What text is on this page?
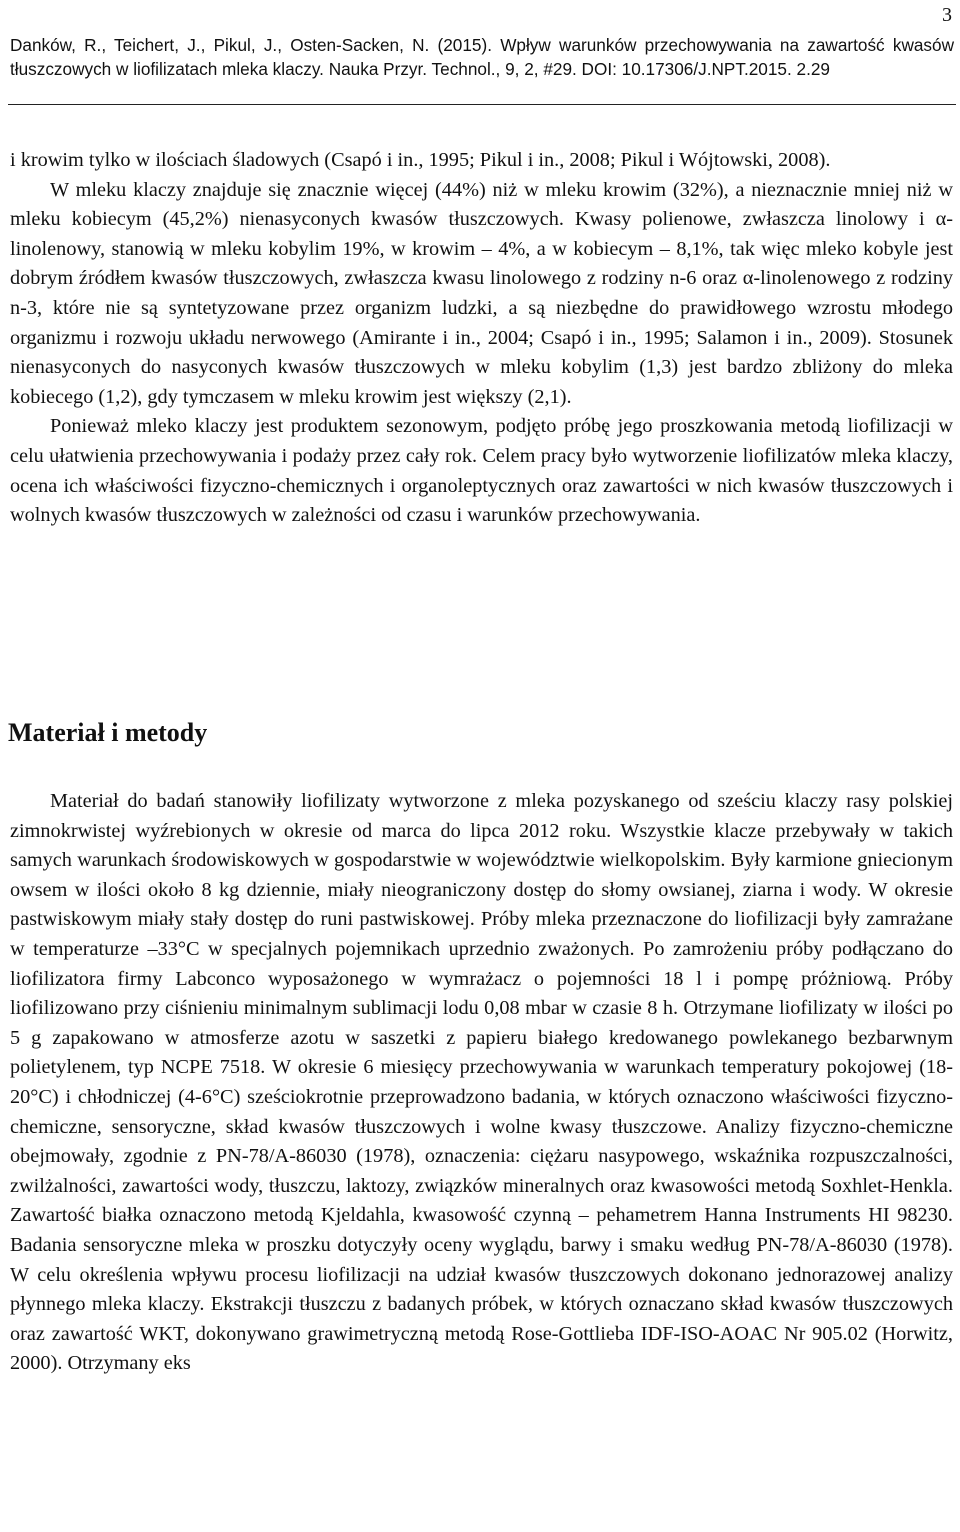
3
Danków, R., Teichert, J., Pikul, J., Osten-Sacken, N. (2015). Wpływ warunków przechowywania na zawartość kwasów tłuszczowych w liofilizatach mleka klaczy. Nauka Przyr. Technol., 9, 2, #29. DOI: 10.17306/J.NPT.2015. 2.29

i krowim tylko w ilościach śladowych (Csapó i in., 1995; Pikul i in., 2008; Pikul i Wójtowski, 2008).

W mleku klaczy znajduje się znacznie więcej (44%) niż w mleku krowim (32%), a nieznacznie mniej niż w mleku kobiecym (45,2%) nienasyconych kwasów tłuszczowych. Kwasy polienowe, zwłaszcza linolowy i α-linolenowy, stanowią w mleku kobylim 19%, w krowim – 4%, a w kobiecym – 8,1%, tak więc mleko kobyle jest dobrym źródłem kwasów tłuszczowych, zwłaszcza kwasu linolowego z rodziny n-6 oraz α-linolenowego z rodziny n-3, które nie są syntetyzowane przez organizm ludzki, a są niezbędne do prawidłowego wzrostu młodego organizmu i rozwoju układu nerwowego (Amirante i in., 2004; Csapó i in., 1995; Salamon i in., 2009). Stosunek nienasyconych do nasyconych kwasów tłuszczowych w mleku kobylim (1,3) jest bardzo zbliżony do mleka kobiecego (1,2), gdy tymczasem w mleku krowim jest większy (2,1).

Ponieważ mleko klaczy jest produktem sezonowym, podjęto próbę jego proszkowania metodą liofilizacji w celu ułatwienia przechowywania i podaży przez cały rok. Celem pracy było wytworzenie liofilizatów mleka klaczy, ocena ich właściwości fizyczno-chemicznych i organoleptycznych oraz zawartości w nich kwasów tłuszczowych i wolnych kwasów tłuszczowych w zależności od czasu i warunków przechowywania.

Materiał i metody

Materiał do badań stanowiły liofilizaty wytworzone z mleka pozyskanego od sześciu klaczy rasy polskiej zimnokrwistej wyźrebionych w okresie od marca do lipca 2012 roku. Wszystkie klacze przebywały w takich samych warunkach środowiskowych w gospodarstwie w województwie wielkopolskim. Były karmione gniecionym owsem w ilości około 8 kg dziennie, miały nieograniczony dostęp do słomy owsianej, ziarna i wody. W okresie pastwiskowym miały stały dostęp do runi pastwiskowej. Próby mleka przeznaczone do liofilizacji były zamrażane w temperaturze –33°C w specjalnych pojemnikach uprzednio zważonych. Po zamrożeniu próby podłączano do liofilizatora firmy Labconco wyposażonego w wymrażacz o pojemności 18 l i pompę próżniową. Próby liofilizowano przy ciśnieniu minimalnym sublimacji lodu 0,08 mbar w czasie 8 h. Otrzymane liofilizaty w ilości po 5 g zapakowano w atmosferze azotu w saszetki z papieru białego kredowanego powlekanego bezbarwnym polietylenem, typ NCPE 7518. W okresie 6 miesięcy przechowywania w warunkach temperatury pokojowej (18-20°C) i chłodniczej (4-6°C) sześciokrotnie przeprowadzono badania, w których oznaczono właściwości fizyczno-chemiczne, sensoryczne, skład kwasów tłuszczowych i wolne kwasy tłuszczowe. Analizy fizyczno-chemiczne obejmowały, zgodnie z PN-78/A-86030 (1978), oznaczenia: ciężaru nasypowego, wskaźnika rozpuszczalności, zwilżalności, zawartości wody, tłuszczu, laktozy, związków mineralnych oraz kwasowości metodą Soxhlet-Henkla. Zawartość białka oznaczono metodą Kjeldahla, kwasowość czynną – pehametrem Hanna Instruments HI 98230. Badania sensoryczne mleka w proszku dotyczyły oceny wyglądu, barwy i smaku według PN-78/A-86030 (1978). W celu określenia wpływu procesu liofilizacji na udział kwasów tłuszczowych dokonano jednorazowej analizy płynnego mleka klaczy. Ekstrakcji tłuszczu z badanych próbek, w których oznaczano skład kwasów tłuszczowych oraz zawartość WKT, dokonywano grawimetryczną metodą Rose-Gottlieba IDF-ISO-AOAC Nr 905.02 (Horwitz, 2000). Otrzymany eks
